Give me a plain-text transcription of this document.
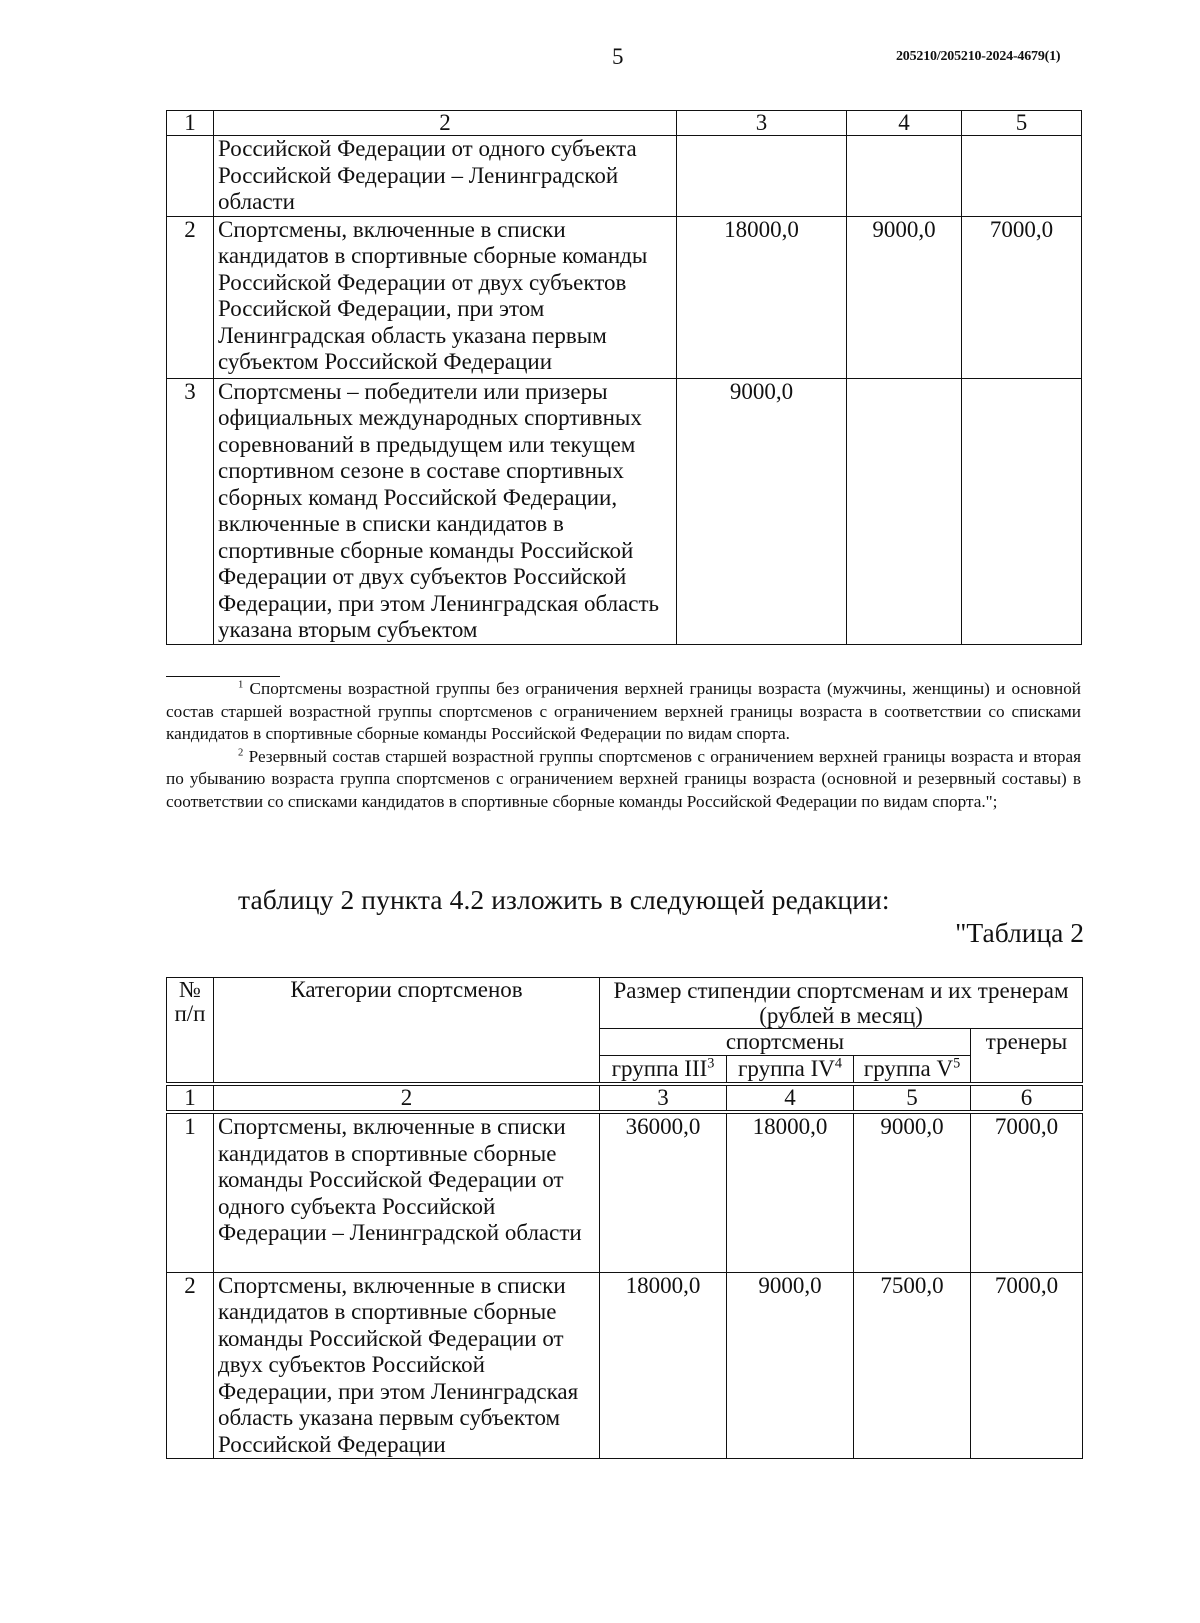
5	205210/205210-2024-4679(1)
1	2	3	4	5
	Российской Федерации от одного субъекта Российской Федерации – Ленинградской области			
2	Спортсмены, включенные в списки кандидатов в спортивные сборные команды Российской Федерации от двух субъектов Российской Федерации, при этом Ленинградская область указана первым субъектом Российской Федерации	18000,0	9000,0	7000,0
3	Спортсмены – победители или призеры официальных международных спортивных соревнований в предыдущем или текущем спортивном сезоне в составе спортивных сборных команд Российской Федерации, включенные в списки кандидатов в спортивные сборные команды Российской Федерации от двух субъектов Российской Федерации, при этом Ленинградская область указана вторым субъектом	9000,0		

$^1$ Спортсмены возрастной группы без ограничения верхней границы возраста (мужчины, женщины) и основной состав старшей возрастной группы спортсменов с ограничением верхней границы возраста в соответствии со списками кандидатов в спортивные сборные команды Российской Федерации по видам спорта.

$^2$ Резервный состав старшей возрастной группы спортсменов с ограничением верхней границы возраста и вторая по убыванию возраста группа спортсменов с ограничением верхней границы возраста (основной и резервный составы) в соответствии со списками кандидатов в спортивные сборные команды Российской Федерации по видам спорта.";

таблицу 2 пункта 4.2 изложить в следующей редакции:
"Таблица 2
№ п/п	Категории спортсменов	Размер стипендии спортсменам и их тренерам (рублей в месяц)			
		спортсмены			тренеры
		группа III$^3$	группа $IV^4$	группа $V^5$
1	2	3	4	5	6
1	Спортсмены, включенные в списки кандидатов в спортивные сборные команды Российской Федерации от одного субъекта Российской Федерации – Ленинградской области	36000,0	18000,0	9000,0	7000,0
2	Спортсмены, включенные в списки кандидатов в спортивные сборные команды Российской Федерации от двух субъектов Российской Федерации, при этом Ленинградская область указана первым субъектом Российской Федерации	18000,0	9000,0	7500,0	7000,0
